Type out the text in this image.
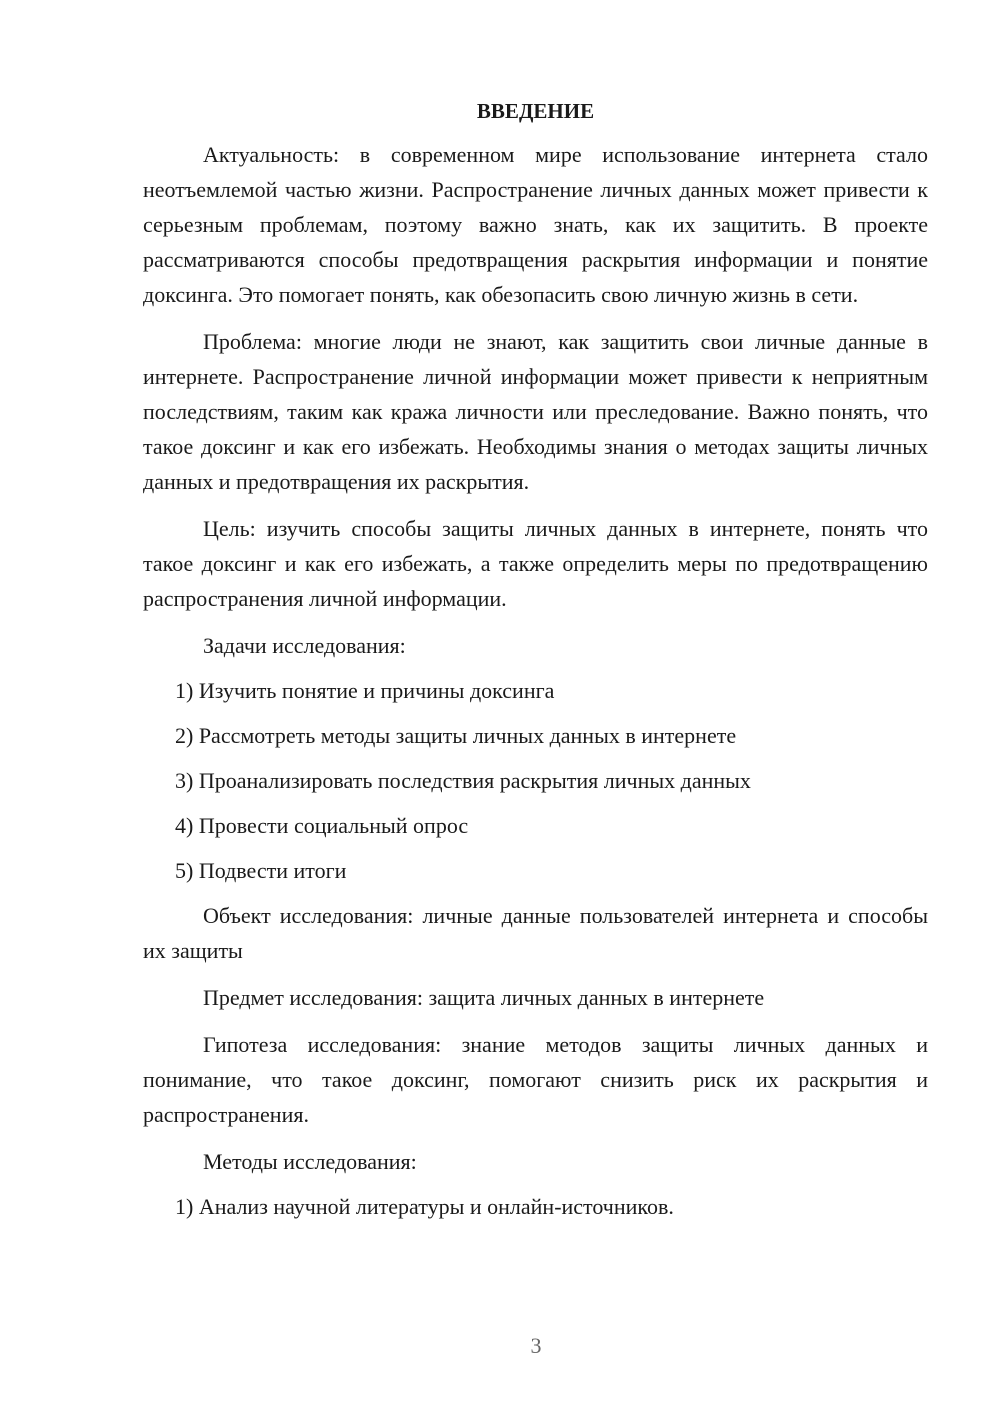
ВВЕДЕНИЕ

Актуальность: в современном мире использование интернета стало неотъемлемой частью жизни. Распространение личных данных может привести к серьезным проблемам, поэтому важно знать, как их защитить. В проекте рассматриваются способы предотвращения раскрытия информации и понятие доксинга. Это помогает понять, как обезопасить свою личную жизнь в сети.

Проблема: многие люди не знают, как защитить свои личные данные в интернете. Распространение личной информации может привести к неприятным последствиям, таким как кража личности или преследование. Важно понять, что такое доксинг и как его избежать. Необходимы знания о методах защиты личных данных и предотвращения их раскрытия.

Цель: изучить способы защиты личных данных в интернете, понять что такое доксинг и как его избежать, а также определить меры по предотвращению распространения личной информации.

Задачи исследования:
1) Изучить понятие и причины доксинга
2) Рассмотреть методы защиты личных данных в интернете
3) Проанализировать последствия раскрытия личных данных
4) Провести социальный опрос
5) Подвести итоги

Объект исследования: личные данные пользователей интернета и способы их защиты

Предмет исследования: защита личных данных в интернете

Гипотеза исследования: знание методов защиты личных данных и понимание, что такое доксинг, помогают снизить риск их раскрытия и распространения.

Методы исследования:
1) Анализ научной литературы и онлайн-источников.
3
